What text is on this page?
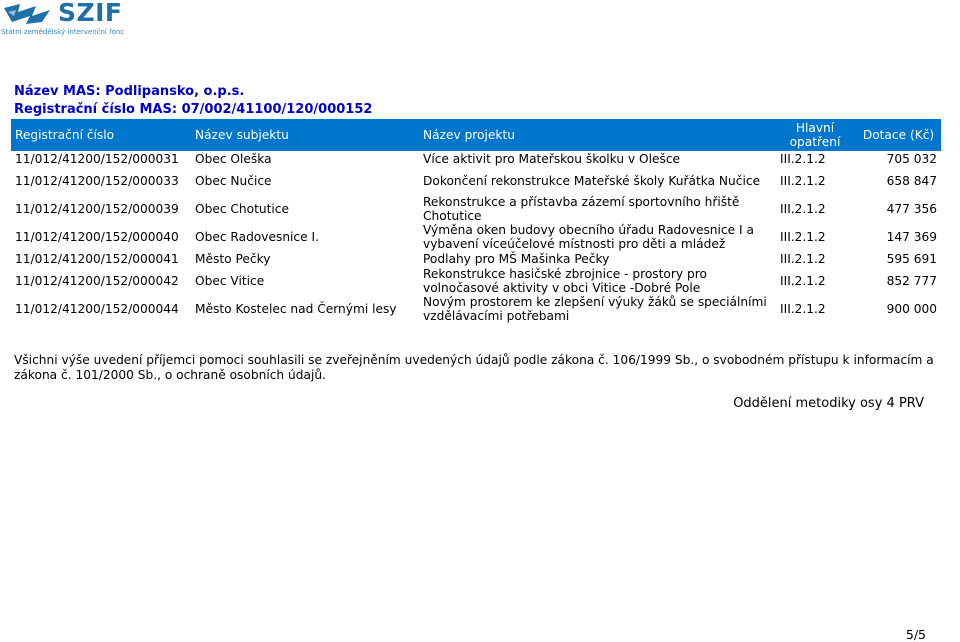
SZIF
Státní zemědělský intervenční fonc
Název MAS: Podlipansko, o.p.s.
Registrační číslo MAS: 07/002/41100/120/000152
Registrační číslo	Název subjektu	Název projektu	Hlavní opatření	Dotace (Kč)
11/012/41200/152/000031	Obec Oleška	Více aktivit pro Mateřskou školku v Olešce	III.2.1.2	705 032
11/012/41200/152/000033	Obec Nučice	Dokončení rekonstrukce Mateřské školy Kuřátka Nučice	III.2.1.2	658 847
11/012/41200/152/000039	Obec Chotutice	Rekonstrukce a přístavba zázemí sportovního hřiště Chotutice	III.2.1.2	477 356
11/012/41200/152/000040	Obec Radovesnice I.	Výměna oken budovy obecního úřadu Radovesnice I a vybavení víceúčelové místnosti pro děti a mládež	III.2.1.2	147 369
11/012/41200/152/000041	Město Pečky	Podlahy pro MŠ Mašinka Pečky	III.2.1.2	595 691
11/012/41200/152/000042	Obec Vitice	Rekonstrukce hasičské zbrojnice - prostory pro volnočasové aktivity v obci Vitice -Dobré Pole	III.2.1.2	852 777
11/012/41200/152/000044	Město Kostelec nad Černými lesy	Novým prostorem ke zlepšení výuky žáků se speciálními vzdělávacími potřebami	III.2.1.2	900 000
Všichni výše uvedení příjemci pomoci souhlasili se zveřejněním uvedených údajů podle zákona č. 106/1999 Sb., o svobodném přístupu k informacím a zákona č. 101/2000 Sb., o ochraně osobních údajů.
Oddělení metodiky osy 4 PRV
5/5
